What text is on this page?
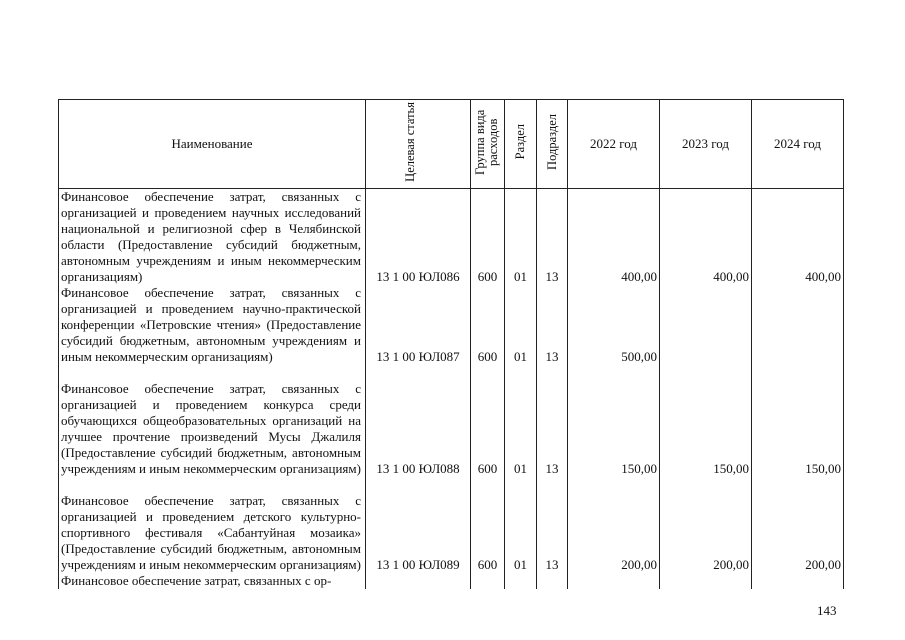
Наименование	Целевая статья	Группа вида расходов	Раздел	Подраздел	2022 год	2023 год	2024 год
Финансовое обеспечение затрат, связанных с организацией и проведением научных исследований национальной и религиозной сфер в Челябинской области (Предоставление субсидий бюджетным, автономным учреждениям и иным некоммерческим организациям)	13 1 00 ЮЛ086	600	01	13	400,00	400,00	400,00
Финансовое обеспечение затрат, связанных с организацией и проведением научно-практической конференции «Петровские чтения» (Предоставление субсидий бюджетным, автономным учреждениям и иным некоммерческим организациям)	13 1 00 ЮЛ087	600	01	13	500,00		
Финансовое обеспечение затрат, связанных с организацией и проведением конкурса среди обучающихся общеобразовательных организаций на лучшее прочтение произведений Мусы Джалиля (Предоставление субсидий бюджетным, автономным учреждениям и иным некоммерческим организациям)	13 1 00 ЮЛ088	600	01	13	150,00	150,00	150,00
Финансовое обеспечение затрат, связанных с организацией и проведением детского культурно-спортивного фестиваля «Сабантуйная мозаика» (Предоставление субсидий бюджетным, автономным учреждениям и иным некоммерческим организациям)	13 1 00 ЮЛ089	600	01	13	200,00	200,00	200,00
Финансовое обеспечение затрат, связанных с ор-							
143
